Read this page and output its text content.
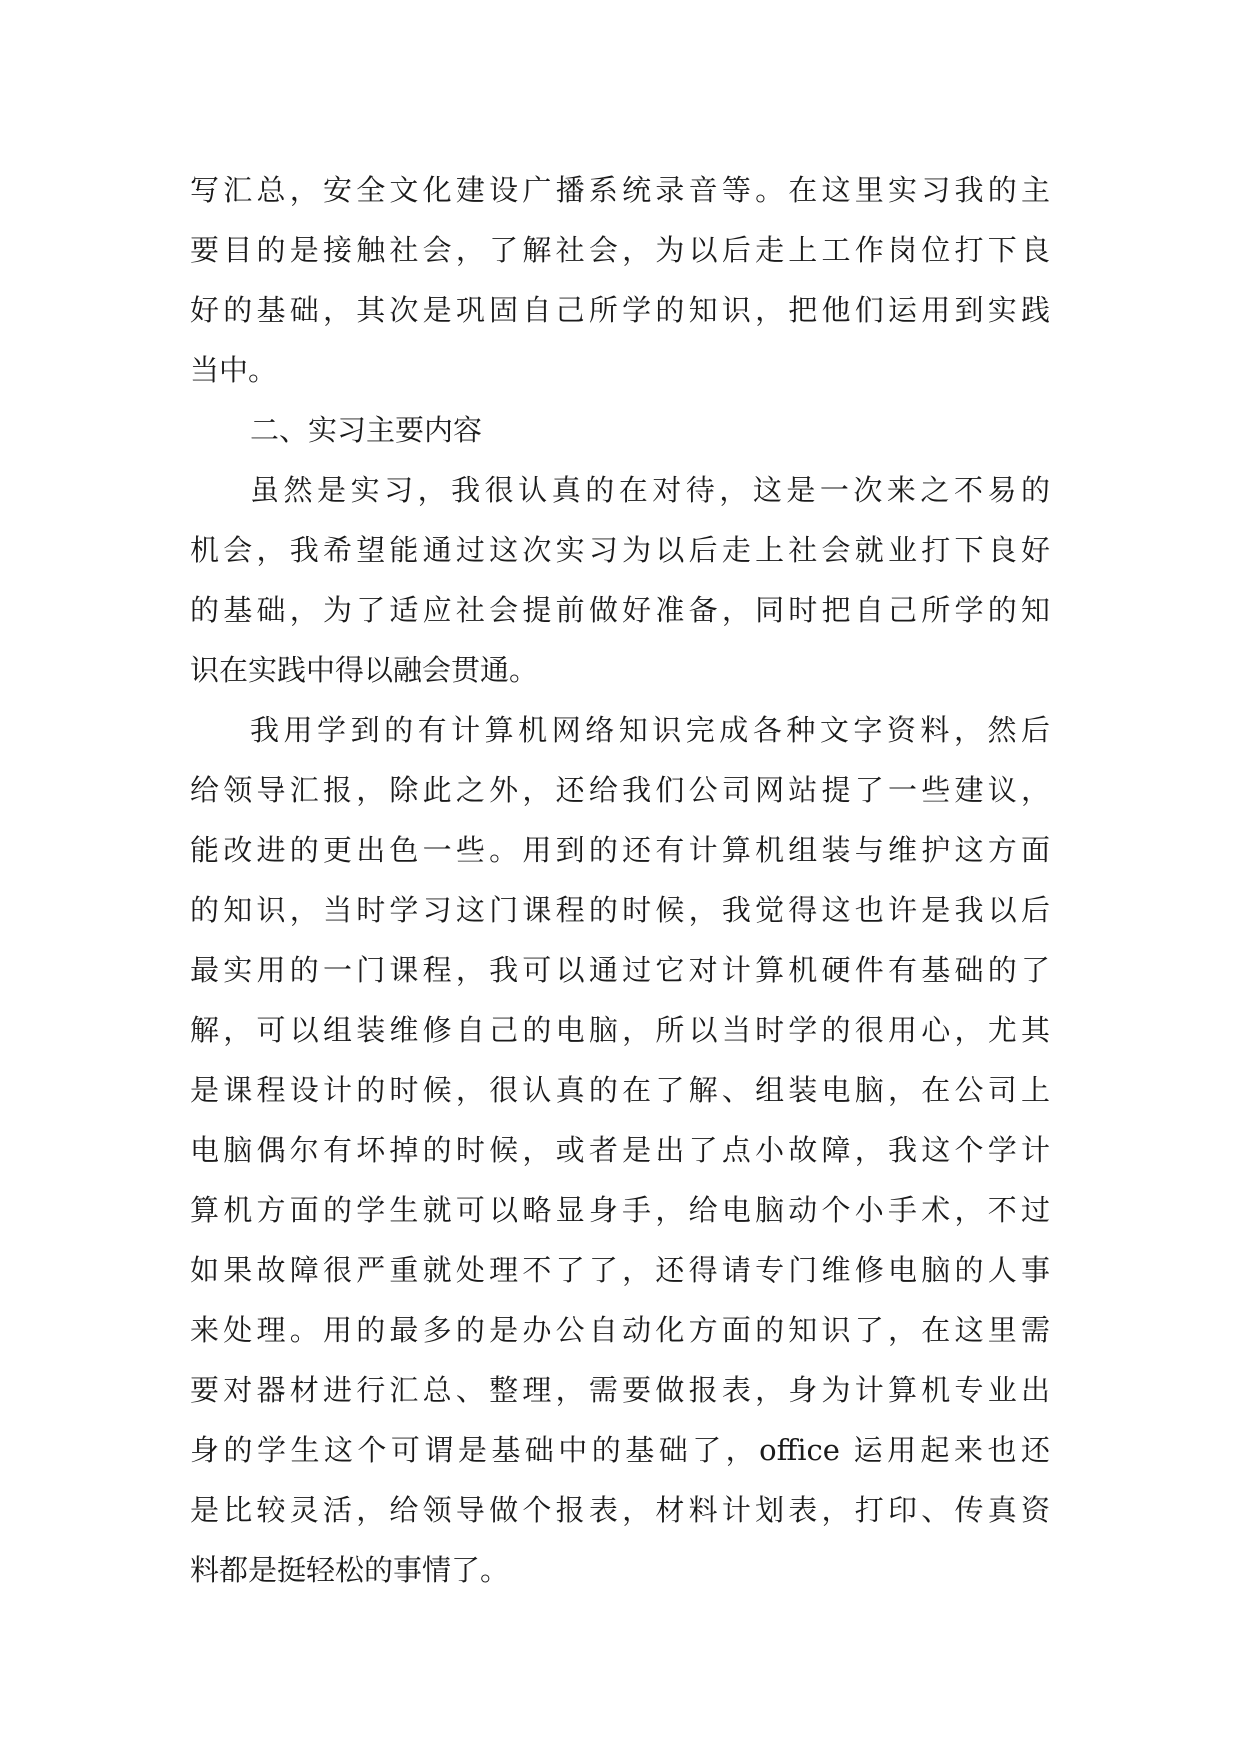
写汇总，安全文化建设广播系统录音等。在这里实习我的主
要目的是接触社会，了解社会，为以后走上工作岗位打下良
好的基础，其次是巩固自己所学的知识，把他们运用到实践
当中。
二、实习主要内容
虽然是实习，我很认真的在对待，这是一次来之不易的
机会，我希望能通过这次实习为以后走上社会就业打下良好
的基础，为了适应社会提前做好准备，同时把自己所学的知
识在实践中得以融会贯通。
我用学到的有计算机网络知识完成各种文字资料，然后
给领导汇报，除此之外，还给我们公司网站提了一些建议，
能改进的更出色一些。用到的还有计算机组装与维护这方面
的知识，当时学习这门课程的时候，我觉得这也许是我以后
最实用的一门课程，我可以通过它对计算机硬件有基础的了
解，可以组装维修自己的电脑，所以当时学的很用心，尤其
是课程设计的时候，很认真的在了解、组装电脑，在公司上
电脑偶尔有坏掉的时候，或者是出了点小故障，我这个学计
算机方面的学生就可以略显身手，给电脑动个小手术，不过
如果故障很严重就处理不了了，还得请专门维修电脑的人事
来处理。用的最多的是办公自动化方面的知识了，在这里需
要对器材进行汇总、整理，需要做报表，身为计算机专业出
身的学生这个可谓是基础中的基础了，office 运用起来也还
是比较灵活，给领导做个报表，材料计划表，打印、传真资
料都是挺轻松的事情了。
